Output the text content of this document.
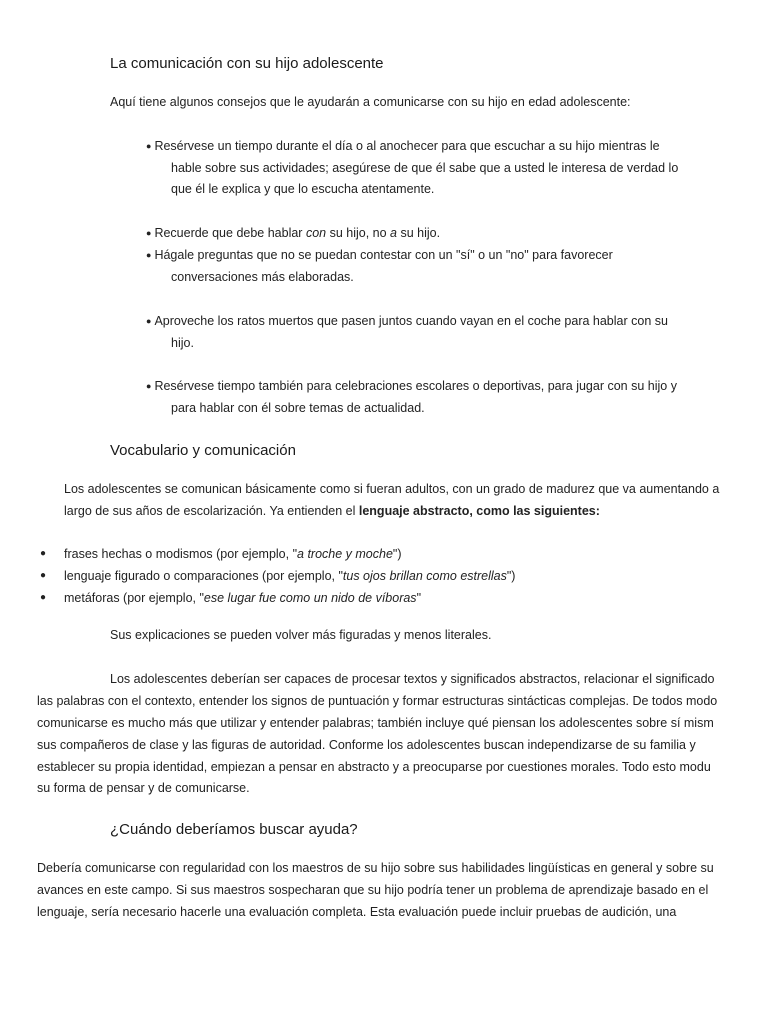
La comunicación con su hijo adolescente
Aquí tiene algunos consejos que le ayudarán a comunicarse con su hijo en edad adolescente:
● Resérvese un tiempo durante el día o al anochecer para que escuchar a su hijo mientras le
hable sobre sus actividades; asegúrese de que él sabe que a usted le interesa de verdad lo
que él le explica y que lo escucha atentamente.
● Recuerde que debe hablar con su hijo, no a su hijo.
● Hágale preguntas que no se puedan contestar con un "sí" o un "no" para favorecer
conversaciones más elaboradas.
● Aproveche los ratos muertos que pasen juntos cuando vayan en el coche para hablar con su
hijo.
● Resérvese tiempo también para celebraciones escolares o deportivas, para jugar con su hijo y
para hablar con él sobre temas de actualidad.
Vocabulario y comunicación
Los adolescentes se comunican básicamente como si fueran adultos, con un grado de madurez que va aumentando a
largo de sus años de escolarización. Ya entienden el lenguaje abstracto, como las siguientes:
● frases hechas o modismos (por ejemplo, "a troche y moche")
● lenguaje figurado o comparaciones (por ejemplo, "tus ojos brillan como estrellas")
● metáforas (por ejemplo, "ese lugar fue como un nido de víboras"
Sus explicaciones se pueden volver más figuradas y menos literales.
Los adolescentes deberían ser capaces de procesar textos y significados abstractos, relacionar el significado
las palabras con el contexto, entender los signos de puntuación y formar estructuras sintácticas complejas. De todos modo
comunicarse es mucho más que utilizar y entender palabras; también incluye qué piensan los adolescentes sobre sí mism
sus compañeros de clase y las figuras de autoridad. Conforme los adolescentes buscan independizarse de su familia y
establecer su propia identidad, empiezan a pensar en abstracto y a preocuparse por cuestiones morales. Todo esto modu
su forma de pensar y de comunicarse.
¿Cuándo deberíamos buscar ayuda?
Debería comunicarse con regularidad con los maestros de su hijo sobre sus habilidades lingüísticas en general y sobre su
avances en este campo. Si sus maestros sospecharan que su hijo podría tener un problema de aprendizaje basado en el
lenguaje, sería necesario hacerle una evaluación completa. Esta evaluación puede incluir pruebas de audición, una
